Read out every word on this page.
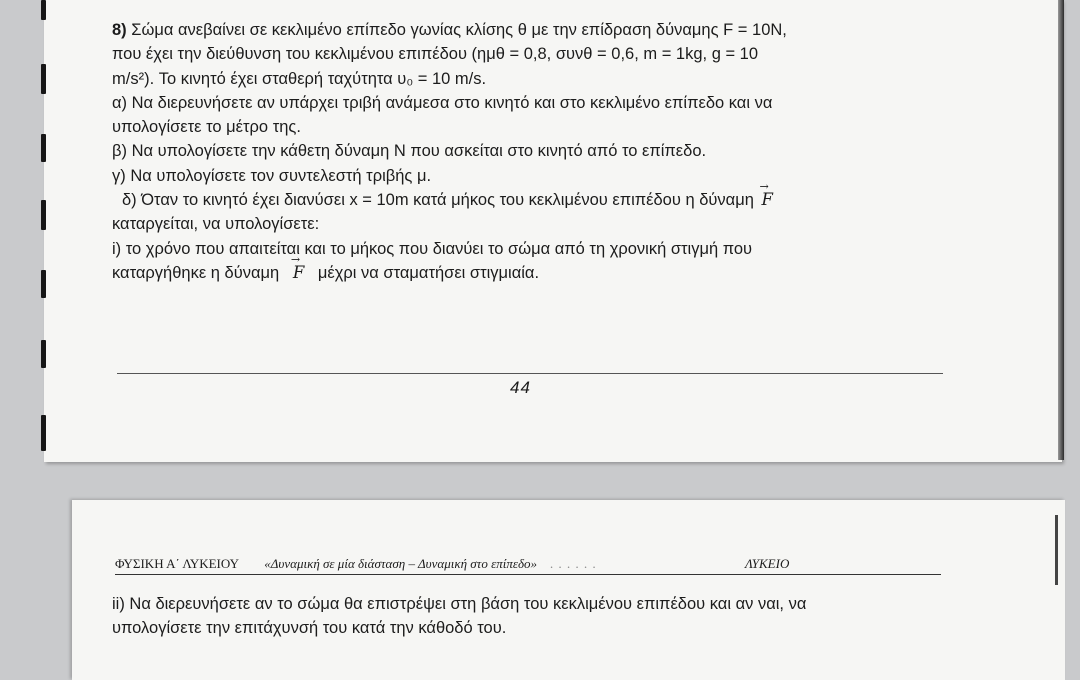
8) Σώμα ανεβαίνει σε κεκλιμένο επίπεδο γωνίας κλίσης θ με την επίδραση δύναμης F = 10N,

που έχει την διεύθυνση του κεκλιμένου επιπέδου (ημθ = 0,8, συνθ = 0,6, m = 1kg, g = 10

m/s²). Το κινητό έχει σταθερή ταχύτητα υ₀ = 10 m/s.

α) Να διερευνήσετε αν υπάρχει τριβή ανάμεσα στο κινητό και στο κεκλιμένο επίπεδο και να

υπολογίσετε το μέτρο της.

β) Να υπολογίσετε την κάθετη δύναμη N που ασκείται στο κινητό από το επίπεδο.

γ) Να υπολογίσετε τον συντελεστή τριβής μ.

δ) Όταν το κινητό έχει διανύσει x = 10m κατά μήκος του κεκλιμένου επιπέδου η δύναμη → F

καταργείται, να υπολογίσετε:

i) το χρόνο που απαιτείται και το μήκος που διανύει το σώμα από τη χρονική στιγμή που

καταργήθηκε η δύναμη → F μέχρι να σταματήσει στιγμιαία.

44
ΦΥΣΙΚΗ Α΄ ΛΥΚΕΙΟΥ «Δυναμική σε μία διάσταση – Δυναμική στο επίπεδο» . . . . . .	ΛΥΚΕΙΟ

ii) Να διερευνήσετε αν το σώμα θα επιστρέψει στη βάση του κεκλιμένου επιπέδου και αν ναι, να

υπολογίσετε την επιτάχυνσή του κατά την κάθοδό του.
